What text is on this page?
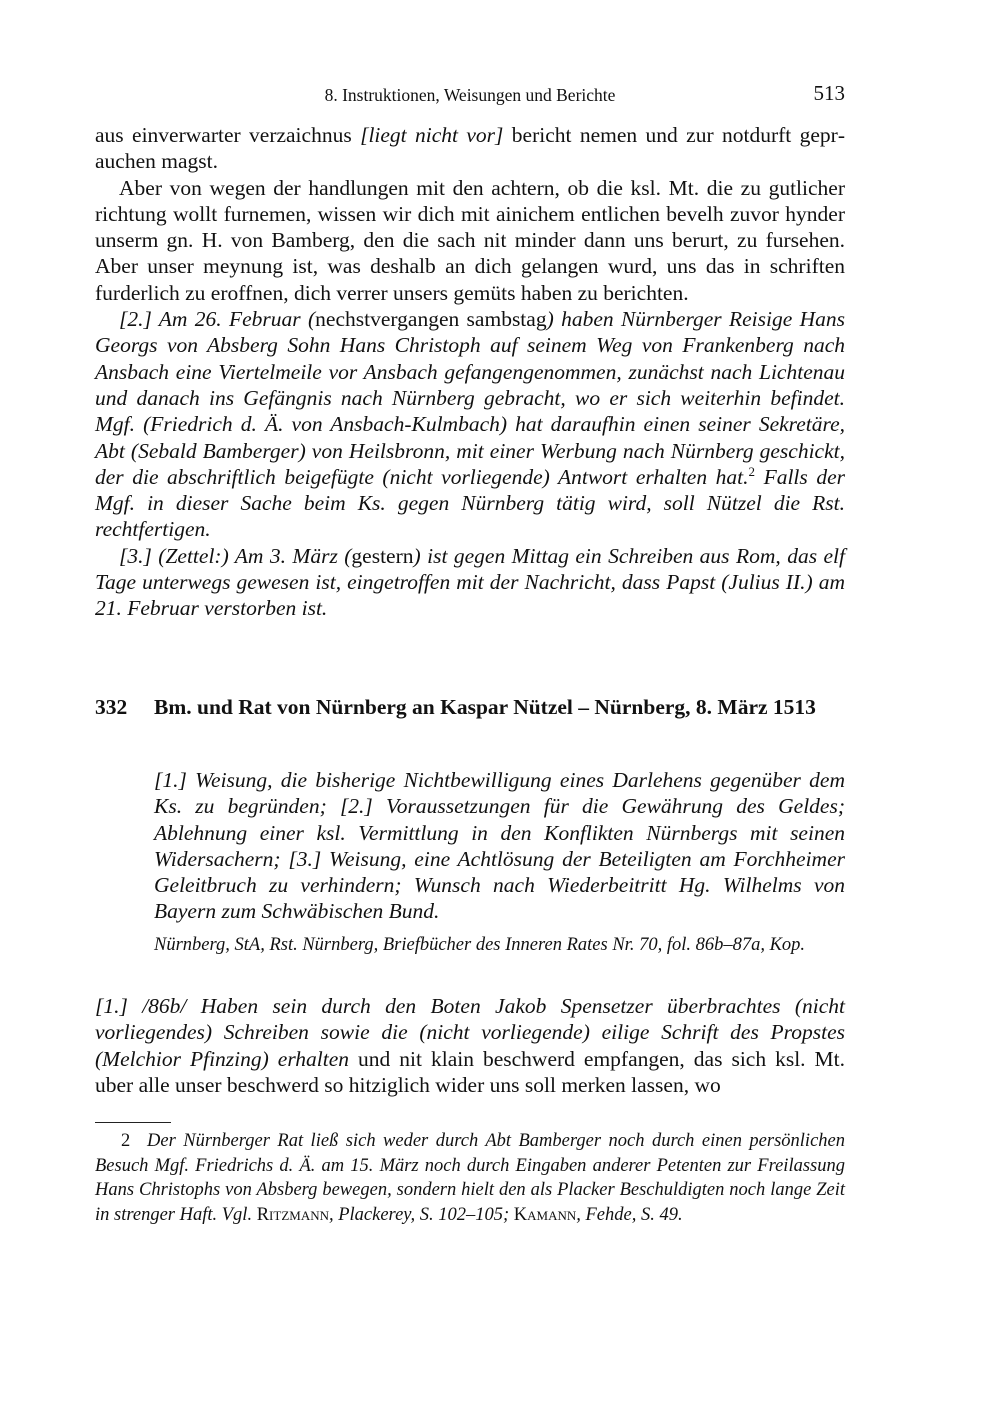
8. Instruktionen, Weisungen und Berichte	513

aus einverwarter verzaichnus [liegt nicht vor] bericht nemen und zur notdurft geprauchen magst.

Aber von wegen der handlungen mit den achtern, ob die ksl. Mt. die zu gutlicher richtung wollt furnemen, wissen wir dich mit ainichem entlichen bevelh zuvor hynder unserm gn. H. von Bamberg, den die sach nit minder dann uns berurt, zu fursehen. Aber unser meynung ist, was deshalb an dich gelangen wurd, uns das in schriften furderlich zu eroffnen, dich verrer unsers gemüts haben zu berichten.

[2.] Am 26. Februar (nechstvergangen sambstag) haben Nürnberger Reisige Hans Georgs von Absberg Sohn Hans Christoph auf seinem Weg von Frankenberg nach Ansbach eine Viertelmeile vor Ansbach gefangengenommen, zunächst nach Lichtenau und danach ins Gefängnis nach Nürnberg gebracht, wo er sich weiterhin befindet. Mgf. (Friedrich d. Ä. von Ansbach-Kulmbach) hat daraufhin einen seiner Sekretäre, Abt (Sebald Bamberger) von Heilsbronn, mit einer Werbung nach Nürnberg geschickt, der die abschriftlich beigefügte (nicht vorliegende) Antwort erhalten hat.$^2$ Falls der Mgf. in dieser Sache beim Ks. gegen Nürnberg tätig wird, soll Nützel die Rst. rechtfertigen.

[3.] (Zettel:) Am 3. März (gestern) ist gegen Mittag ein Schreiben aus Rom, das elf Tage unterwegs gewesen ist, eingetroffen mit der Nachricht, dass Papst (Julius II.) am 21. Februar verstorben ist.

332 Bm. und Rat von Nürnberg an Kaspar Nützel – Nürnberg, 8. März 1513

[1.] Weisung, die bisherige Nichtbewilligung eines Darlehens gegenüber dem Ks. zu begründen; [2.] Voraussetzungen für die Gewährung des Geldes; Ablehnung einer ksl. Vermittlung in den Konflikten Nürnbergs mit seinen Widersachern; [3.] Weisung, eine Achtlösung der Beteiligten am Forchheimer Geleitbruch zu verhindern; Wunsch nach Wiederbeitritt Hg. Wilhelms von Bayern zum Schwäbischen Bund.

Nürnberg, StA, Rst. Nürnberg, Briefbücher des Inneren Rates Nr. 70, fol. 86b–87a, Kop.

[1.] /86b/ Haben sein durch den Boten Jakob Spensetzer überbrachtes (nicht vorliegendes) Schreiben sowie die (nicht vorliegende) eilige Schrift des Propstes (Melchior Pfinzing) erhalten und nit klain beschwerd empfangen, das sich ksl. Mt. uber alle unser beschwerd so hitziglich wider uns soll merken lassen, wo

2 Der Nürnberger Rat ließ sich weder durch Abt Bamberger noch durch einen persönlichen Besuch Mgf. Friedrichs d. Ä. am 15. März noch durch Eingaben anderer Petenten zur Freilassung Hans Christophs von Absberg bewegen, sondern hielt den als Placker Beschuldigten noch lange Zeit in strenger Haft. Vgl. Ritzmann, Plackerey, S. 102–105; Kamann, Fehde, S. 49.
